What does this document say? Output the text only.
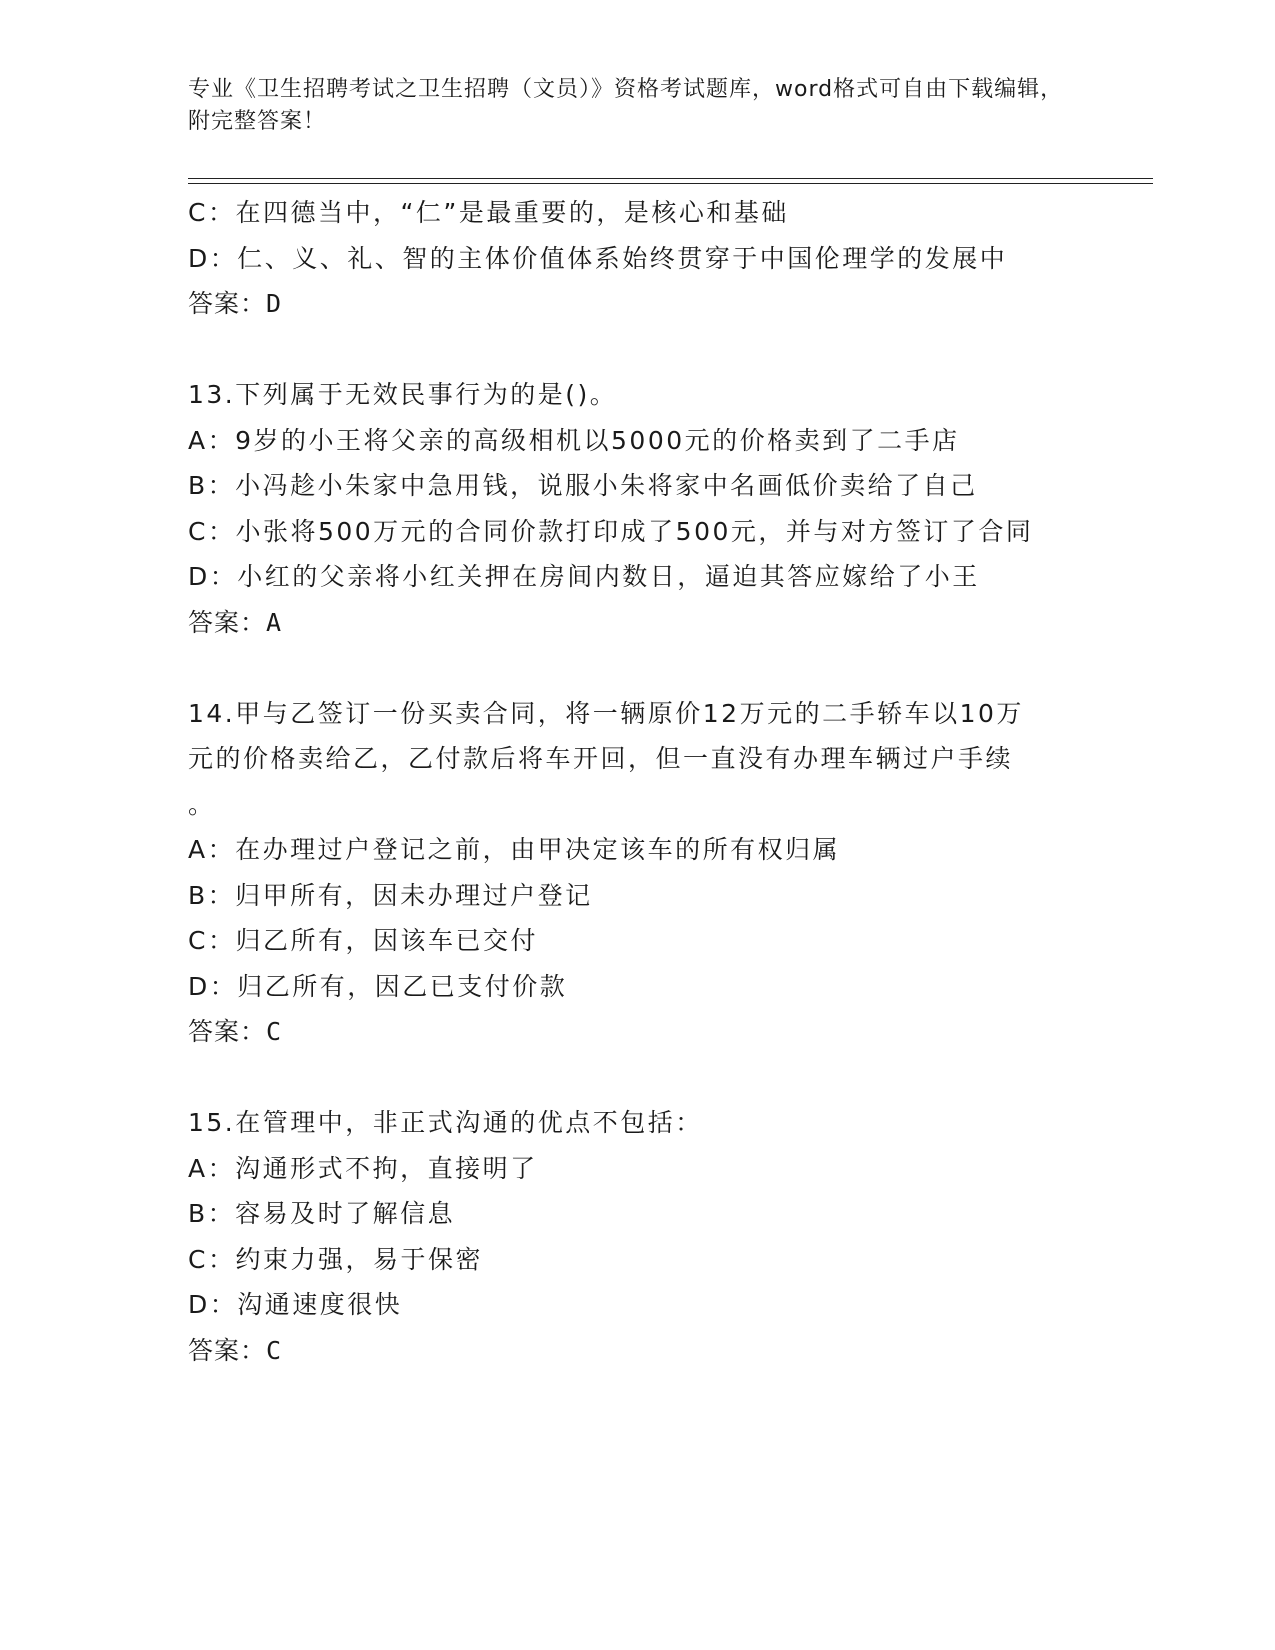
专业《卫生招聘考试之卫生招聘（文员）》资格考试题库，word格式可自由下载编辑，附完整答案！
C：在四德当中，“仁”是最重要的，是核心和基础
D：仁、义、礼、智的主体价值体系始终贯穿于中国伦理学的发展中
答案：D
13.下列属于无效民事行为的是()。
A：9岁的小王将父亲的高级相机以5000元的价格卖到了二手店
B：小冯趁小朱家中急用钱，说服小朱将家中名画低价卖给了自己
C：小张将500万元的合同价款打印成了500元，并与对方签订了合同
D：小红的父亲将小红关押在房间内数日，逼迫其答应嫁给了小王
答案：A
14.甲与乙签订一份买卖合同，将一辆原价12万元的二手轿车以10万
元的价格卖给乙，乙付款后将车开回，但一直没有办理车辆过户手续
。
A：在办理过户登记之前，由甲决定该车的所有权归属
B：归甲所有，因未办理过户登记
C：归乙所有，因该车已交付
D：归乙所有，因乙已支付价款
答案：C
15.在管理中，非正式沟通的优点不包括：
A：沟通形式不拘，直接明了
B：容易及时了解信息
C：约束力强，易于保密
D：沟通速度很快
答案：C
